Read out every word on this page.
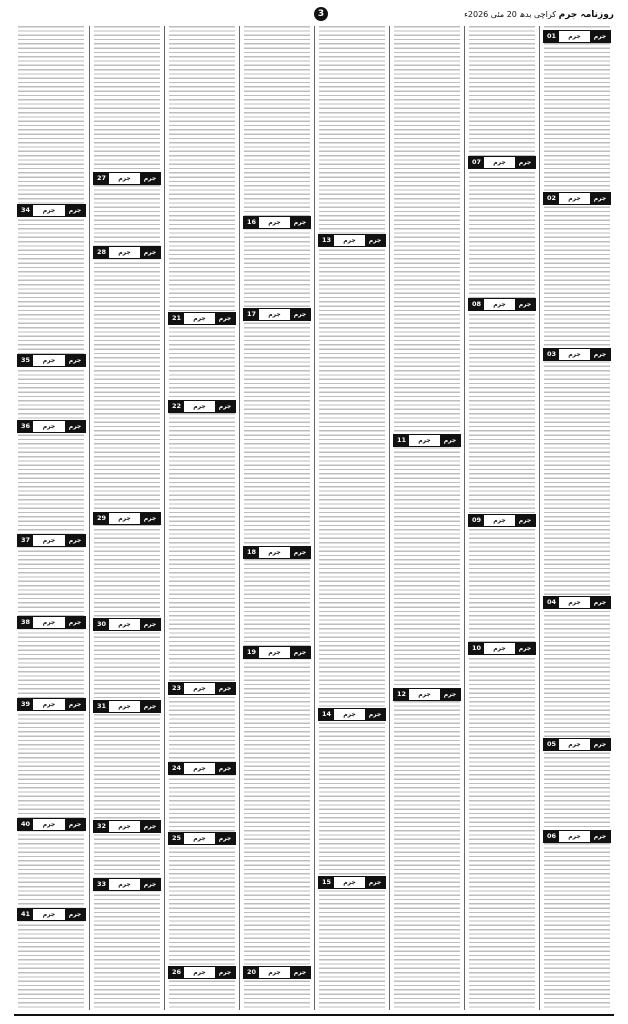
روزنامہ جرم کراچی بدھ 20 مئی 2026ء
3
جرم
جرم
01
جرم
جرم
02
جرم
جرم
03
جرم
جرم
04
جرم
جرم
05
جرم
جرم
06
جرم
جرم
07
جرم
جرم
08
جرم
جرم
09
جرم
جرم
10
جرم
جرم
11
جرم
جرم
12
جرم
جرم
13
جرم
جرم
14
جرم
جرم
15
جرم
جرم
16
جرم
جرم
17
جرم
جرم
18
جرم
جرم
19
جرم
جرم
20
جرم
جرم
21
جرم
جرم
22
جرم
جرم
23
جرم
جرم
24
جرم
جرم
25
جرم
جرم
26
جرم
جرم
27
جرم
جرم
28
جرم
جرم
29
جرم
جرم
30
جرم
جرم
31
جرم
جرم
32
جرم
جرم
33
جرم
جرم
34
جرم
جرم
35
جرم
جرم
36
جرم
جرم
37
جرم
جرم
38
جرم
جرم
39
جرم
جرم
40
جرم
جرم
41
